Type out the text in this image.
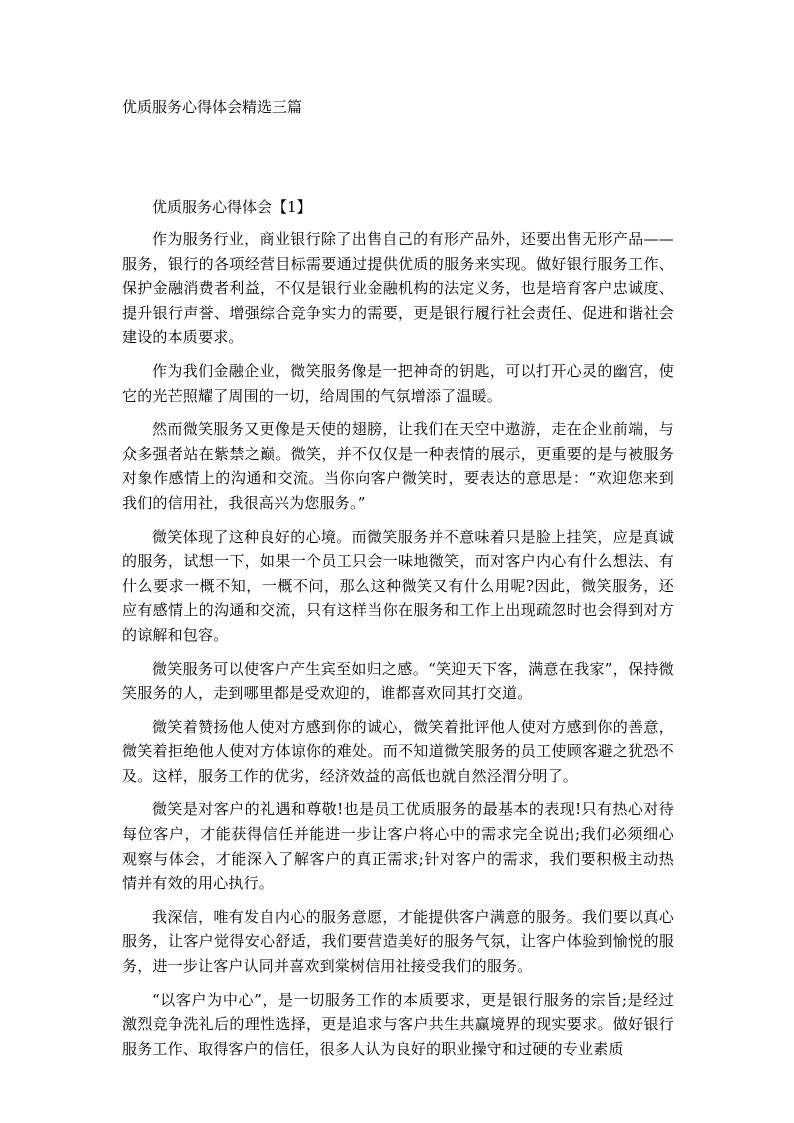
优质服务心得体会精选三篇
优质服务心得体会【1】

作为服务行业，商业银行除了出售自己的有形产品外，还要出售无形产品——服务，银行的各项经营目标需要通过提供优质的服务来实现。做好银行服务工作、保护金融消费者利益，不仅是银行业金融机构的法定义务，也是培育客户忠诚度、提升银行声誉、增强综合竞争实力的需要，更是银行履行社会责任、促进和谐社会建设的本质要求。

作为我们金融企业，微笑服务像是一把神奇的钥匙，可以打开心灵的幽宫，使它的光芒照耀了周围的一切，给周围的气氛增添了温暖。

然而微笑服务又更像是天使的翅膀，让我们在天空中遨游，走在企业前端，与众多强者站在紫禁之巅。微笑，并不仅仅是一种表情的展示，更重要的是与被服务对象作感情上的沟通和交流。当你向客户微笑时，要表达的意思是：“欢迎您来到我们的信用社，我很高兴为您服务。”

微笑体现了这种良好的心境。而微笑服务并不意味着只是脸上挂笑，应是真诚的服务，试想一下，如果一个员工只会一味地微笑，而对客户内心有什么想法、有什么要求一概不知，一概不问，那么这种微笑又有什么用呢?因此，微笑服务，还应有感情上的沟通和交流，只有这样当你在服务和工作上出现疏忽时也会得到对方的谅解和包容。

微笑服务可以使客户产生宾至如归之感。“笑迎天下客，满意在我家”，保持微笑服务的人，走到哪里都是受欢迎的，谁都喜欢同其打交道。

微笑着赞扬他人使对方感到你的诚心，微笑着批评他人使对方感到你的善意，微笑着拒绝他人使对方体谅你的难处。而不知道微笑服务的员工使顾客避之犹恐不及。这样，服务工作的优劣，经济效益的高低也就自然泾渭分明了。

微笑是对客户的礼遇和尊敬!也是员工优质服务的最基本的表现!只有热心对待每位客户，才能获得信任并能进一步让客户将心中的需求完全说出;我们必须细心观察与体会，才能深入了解客户的真正需求;针对客户的需求，我们要积极主动热情并有效的用心执行。

我深信，唯有发自内心的服务意愿，才能提供客户满意的服务。我们要以真心服务，让客户觉得安心舒适，我们要营造美好的服务气氛，让客户体验到愉悦的服务，进一步让客户认同并喜欢到棠树信用社接受我们的服务。

“以客户为中心”，是一切服务工作的本质要求，更是银行服务的宗旨;是经过激烈竞争洗礼后的理性选择，更是追求与客户共生共赢境界的现实要求。做好银行服务工作、取得客户的信任，很多人认为良好的职业操守和过硬的专业素质
